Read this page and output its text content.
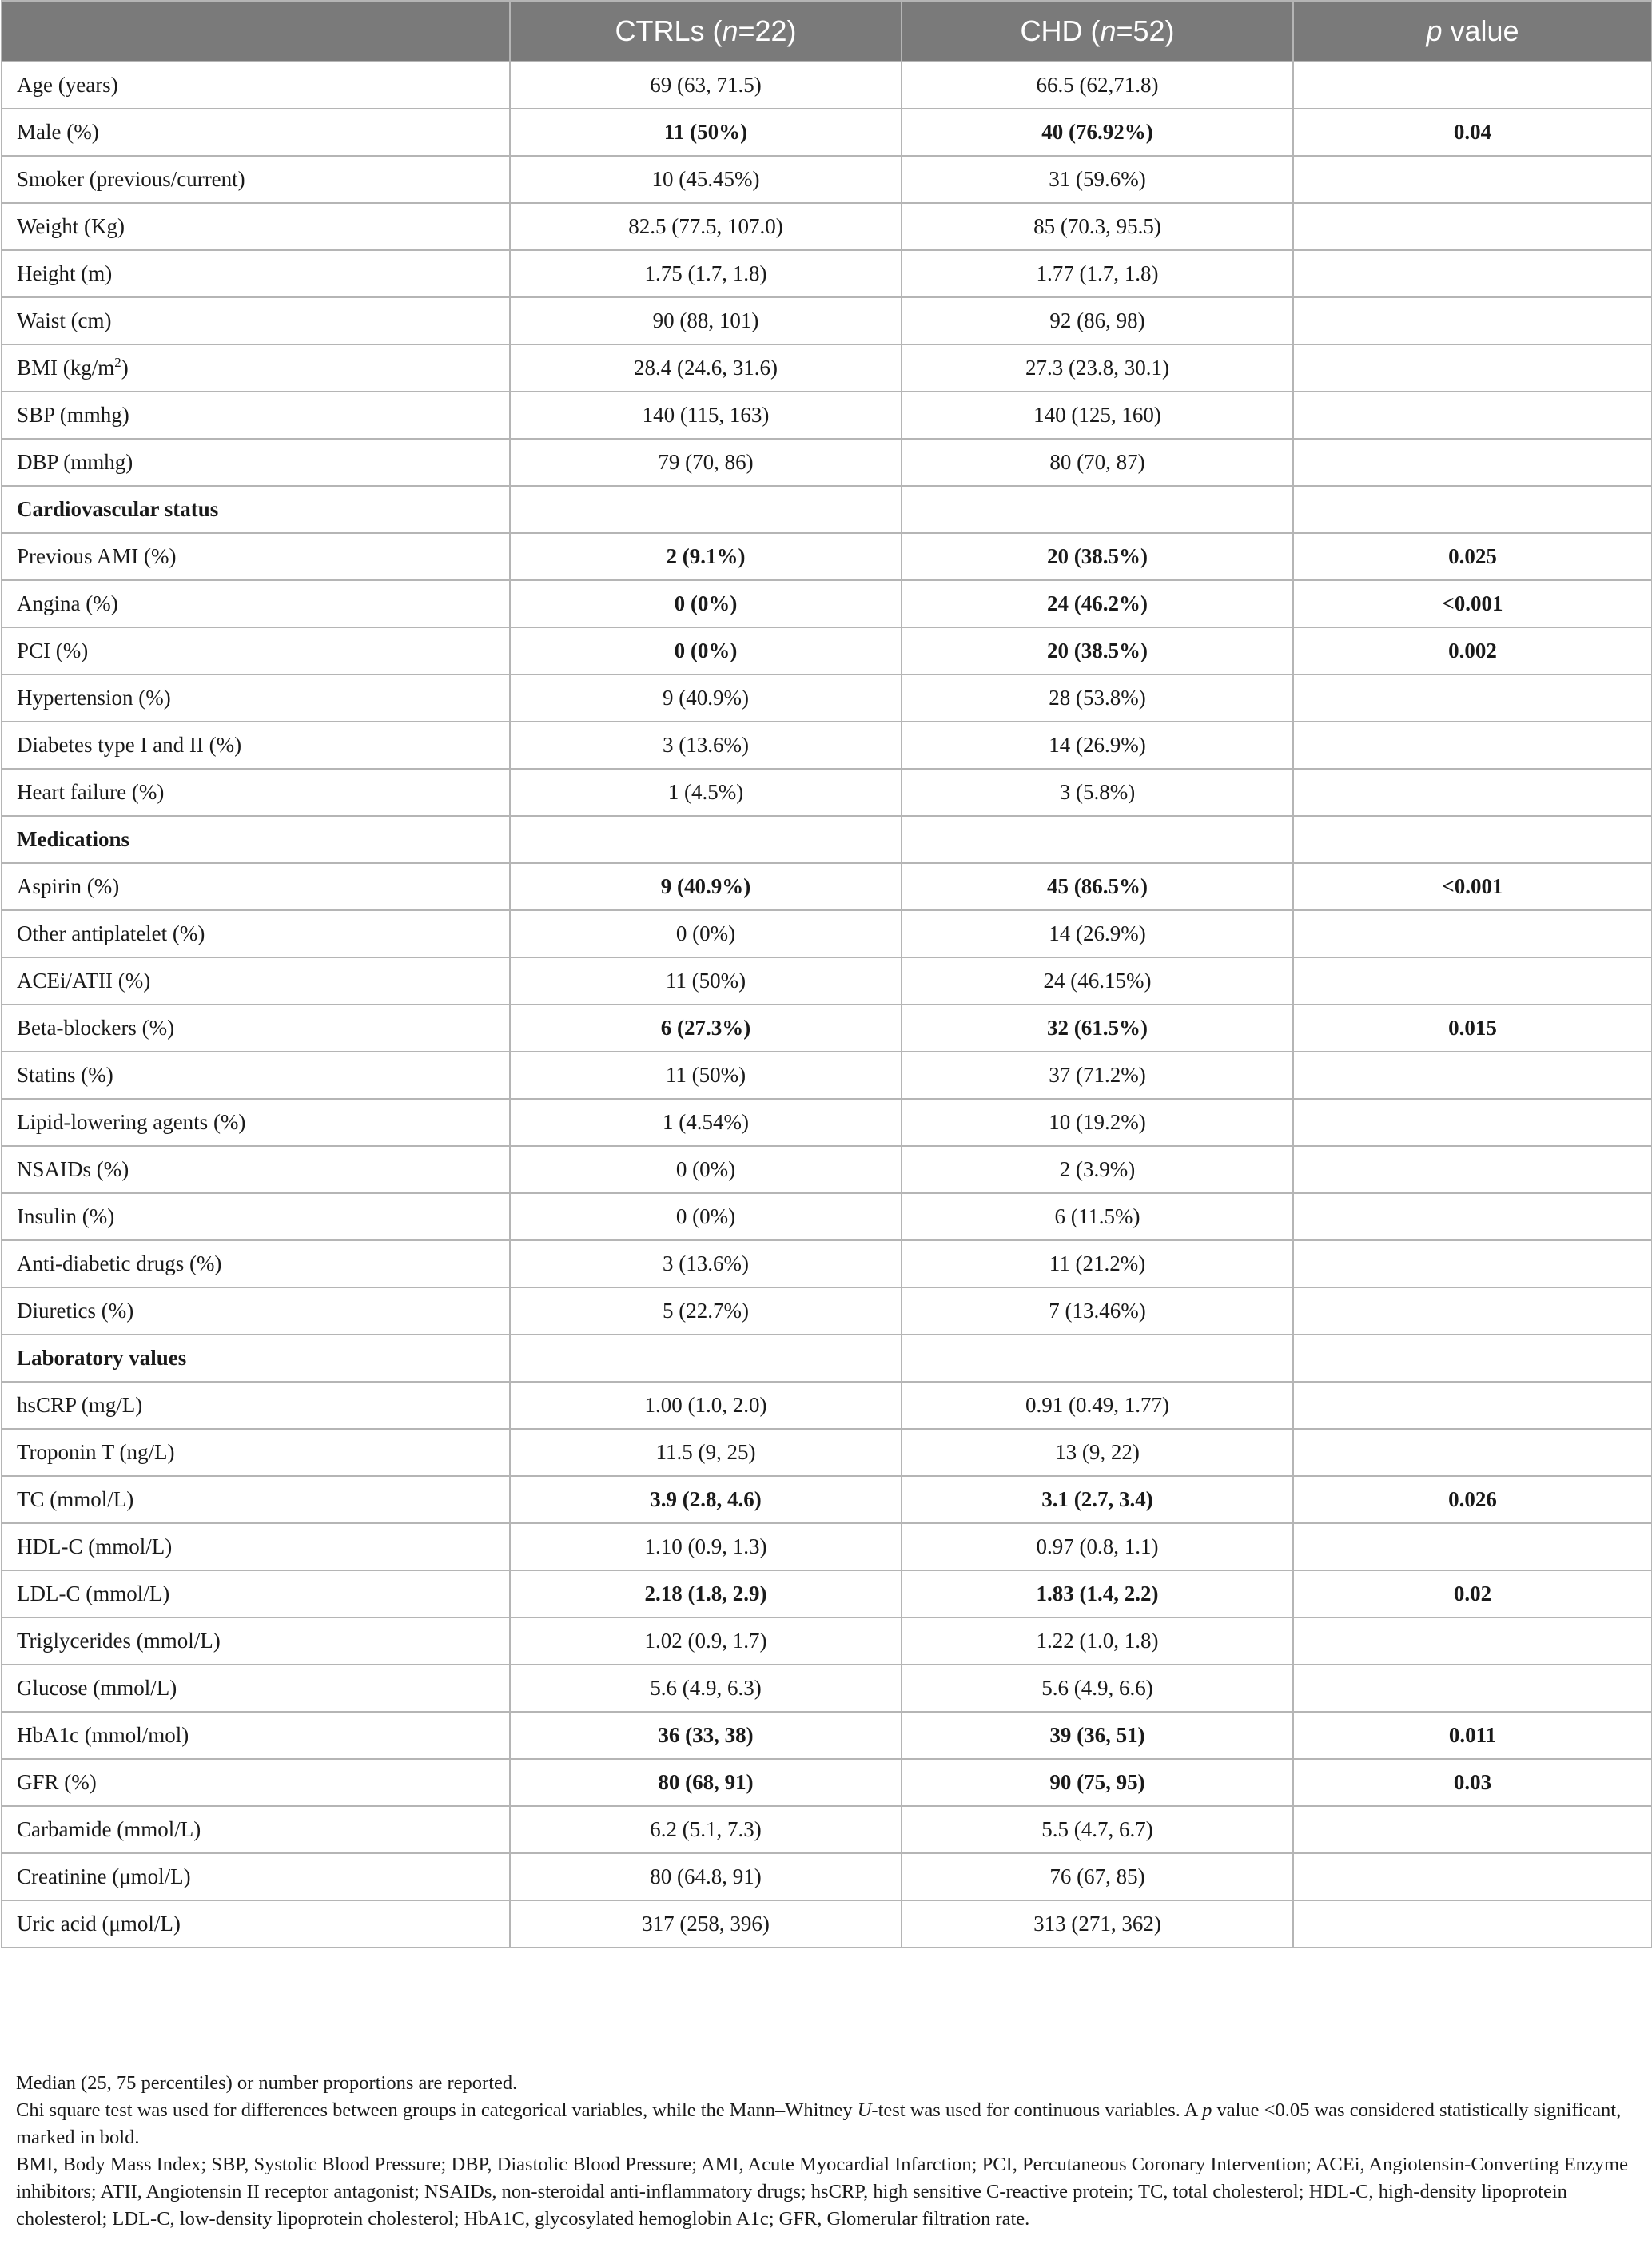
	CTRLs (n=22)	CHD (n=52)	p value
Age (years)	69 (63, 71.5)	66.5 (62,71.8)	
Male (%)	11 (50%)	40 (76.92%)	0.04
Smoker (previous/current)	10 (45.45%)	31 (59.6%)	
Weight (Kg)	82.5 (77.5, 107.0)	85 (70.3, 95.5)	
Height (m)	1.75 (1.7, 1.8)	1.77 (1.7, 1.8)	
Waist (cm)	90 (88, 101)	92 (86, 98)	
BMI $(kg/m^2)$	28.4 (24.6, 31.6)	27.3 (23.8, 30.1)	
SBP (mmhg)	140 (115, 163)	140 (125, 160)	
DBP (mmhg)	79 (70, 86)	80 (70, 87)	
Cardiovascular status			
Previous AMI (%)	2 (9.1%)	20 (38.5%)	0.025
Angina (%)	0 (0%)	24 (46.2%)	<0.001
PCI (%)	0 (0%)	20 (38.5%)	0.002
Hypertension (%)	9 (40.9%)	28 (53.8%)	
Diabetes type I and II (%)	3 (13.6%)	14 (26.9%)	
Heart failure (%)	1 (4.5%)	3 (5.8%)	
Medications			
Aspirin (%)	9 (40.9%)	45 (86.5%)	<0.001
Other antiplatelet (%)	0 (0%)	14 (26.9%)	
ACEi/ATII (%)	11 (50%)	24 (46.15%)	
Beta-blockers (%)	6 (27.3%)	32 (61.5%)	0.015
Statins (%)	11 (50%)	37 (71.2%)	
Lipid-lowering agents (%)	1 (4.54%)	10 (19.2%)	
NSAIDs (%)	0 (0%)	2 (3.9%)	
Insulin (%)	0 (0%)	6 (11.5%)	
Anti-diabetic drugs (%)	3 (13.6%)	11 (21.2%)	
Diuretics (%)	5 (22.7%)	7 (13.46%)	
Laboratory values			
hsCRP (mg/L)	1.00 (1.0, 2.0)	0.91 (0.49, 1.77)	
Troponin T (ng/L)	11.5 (9, 25)	13 (9, 22)	
TC (mmol/L)	3.9 (2.8, 4.6)	3.1 (2.7, 3.4)	0.026
HDL-C (mmol/L)	1.10 (0.9, 1.3)	0.97 (0.8, 1.1)	
LDL-C (mmol/L)	2.18 (1.8, 2.9)	1.83 (1.4, 2.2)	0.02
Triglycerides (mmol/L)	1.02 (0.9, 1.7)	1.22 (1.0, 1.8)	
Glucose (mmol/L)	5.6 (4.9, 6.3)	5.6 (4.9, 6.6)	
HbA1c (mmol/mol)	36 (33, 38)	39 (36, 51)	0.011
GFR (%)	80 (68, 91)	90 (75, 95)	0.03
Carbamide (mmol/L)	6.2 (5.1, 7.3)	5.5 (4.7, 6.7)	
Creatinine (μmol/L)	80 (64.8, 91)	76 (67, 85)	
Uric acid (μmol/L)	317 (258, 396)	313 (271, 362)	

Median (25, 75 percentiles) or number proportions are reported.

Chi square test was used for differences between groups in categorical variables, while the Mann–Whitney U-test was used for continuous variables. A p value <0.05 was considered statistically significant, marked in bold.

BMI, Body Mass Index; SBP, Systolic Blood Pressure; DBP, Diastolic Blood Pressure; AMI, Acute Myocardial Infarction; PCI, Percutaneous Coronary Intervention; ACEi, Angiotensin-Converting Enzyme inhibitors; ATII, Angiotensin II receptor antagonist; NSAIDs, non-steroidal anti-inflammatory drugs; hsCRP, high sensitive C-reactive protein; TC, total cholesterol; HDL-C, high-density lipoprotein cholesterol; LDL-C, low-density lipoprotein cholesterol; HbA1C, glycosylated hemoglobin A1c; GFR, Glomerular filtration rate.
